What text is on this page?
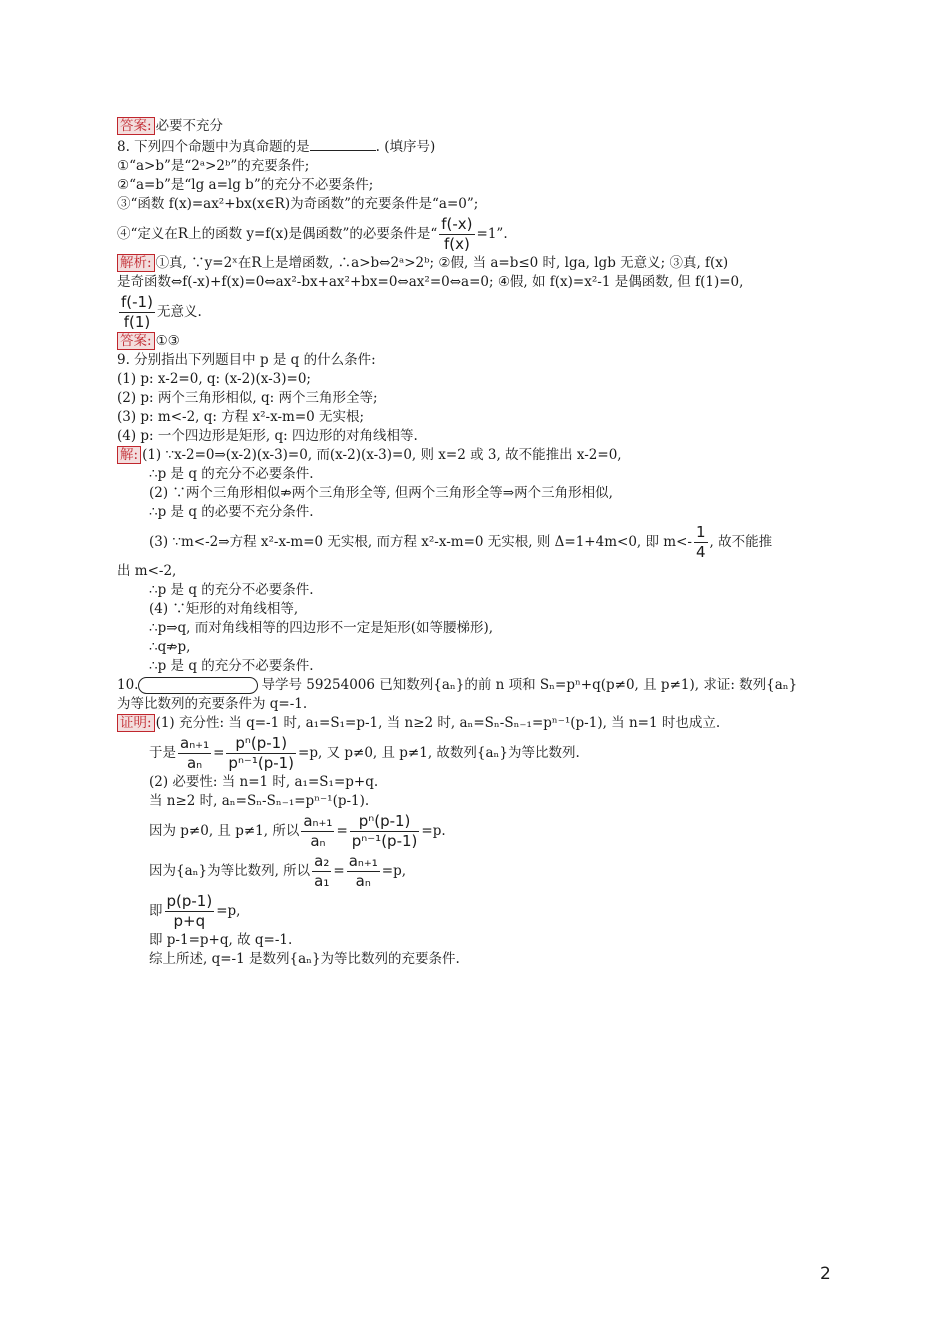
答案: 必要不充分
8. 下列四个命题中为真命题的是	. (填序号)
①“a>b”是“2ᵃ>2ᵇ”的充要条件;
②“a=b”是“lg a=lg b”的充分不必要条件;
③“函数 f(x)=ax²+bx(x∈R)为奇函数”的充要条件是“a=0”;
④“定义在R上的函数 y=f(x)是偶函数”的必要条件是“ $\frac{f(-x)}{f(x)} =1$”.
解析: ①真, ∵y=2ˣ在R上是增函数, ∴a>b⇔2ᵃ>2ᵇ; ②假, 当 a=b≤0 时, lga, lgb 无意义; ③真, f(x)
是奇函数⇔f(-x)+f(x)=0⇔ax²-bx+ax²+bx=0⇔ax²=0⇔a=0; ④假, 如 f(x)=x²-1 是偶函数, 但 f(1)=0,
$\frac{f(-1)}{f(1)}$ 无意义.
答案: ①③
9. 分别指出下列题目中 p 是 q 的什么条件:
(1) p: x-2=0, q: (x-2)(x-3)=0;
(2) p: 两个三角形相似, q: 两个三角形全等;
(3) p: m<-2, q: 方程 x²-x-m=0 无实根;
(4) p: 一个四边形是矩形, q: 四边形的对角线相等.
解: (1) ∵x-2=0⇒(x-2)(x-3)=0, 而(x-2)(x-3)=0, 则 x=2 或 3, 故不能推出 x-2=0,
∴p 是 q 的充分不必要条件.
(2) ∵两个三角形相似⇏两个三角形全等, 但两个三角形全等⇒两个三角形相似,
∴p 是 q 的必要不充分条件.
(3) ∵m<-2⇒方程 x²-x-m=0 无实根, 而方程 x²-x-m=0 无实根, 则 Δ=1+4m<0, 即 $m<- \frac{1}{4}$ , 故不能推
出 m<-2,
∴p 是 q 的充分不必要条件.
(4) ∵矩形的对角线相等,
∴p⇒q, 而对角线相等的四边形不一定是矩形(如等腰梯形),
∴q⇏p,
∴p 是 q 的充分不必要条件.
10.	导学号 59254006 已知数列{aₙ}的前 n 项和 Sₙ=pⁿ+q(p≠0, 且 p≠1), 求证: 数列{aₙ}
为等比数列的充要条件为 q=-1.
证明: (1) 充分性: 当 q=-1 时, a₁=S₁=p-1, 当 n≥2 时, aₙ=Sₙ-Sₙ₋₁=pⁿ⁻¹(p-1), 当 n=1 时也成立.
于是 $\frac{\text{aₙ₊₁}}{\text{aₙ}} = \frac{\text{pⁿ(p-1)}}{\text{pⁿ⁻¹(p-1)}} =p$, 又 p≠0, 且 p≠1, 故数列{aₙ}为等比数列.
(2) 必要性: 当 n=1 时, a₁=S₁=p+q.
当 n≥2 时, aₙ=Sₙ-Sₙ₋₁=pⁿ⁻¹(p-1).
因为 p≠0, 且 p≠1, 所以 $\frac{\text{aₙ₊₁}}{\text{aₙ}} = \frac{\text{pⁿ(p-1)}}{\text{pⁿ⁻¹(p-1)}} =p$.
因为{aₙ}为等比数列, 所以 $\frac{\text{a₂}}{\text{a₁}} = \frac{\text{aₙ₊₁}}{\text{aₙ}} =p$,
即 $\frac{p(p-1)}{p+q} =p$,
即 p-1=p+q, 故 q=-1.
综上所述, q=-1 是数列{aₙ}为等比数列的充要条件.
2
